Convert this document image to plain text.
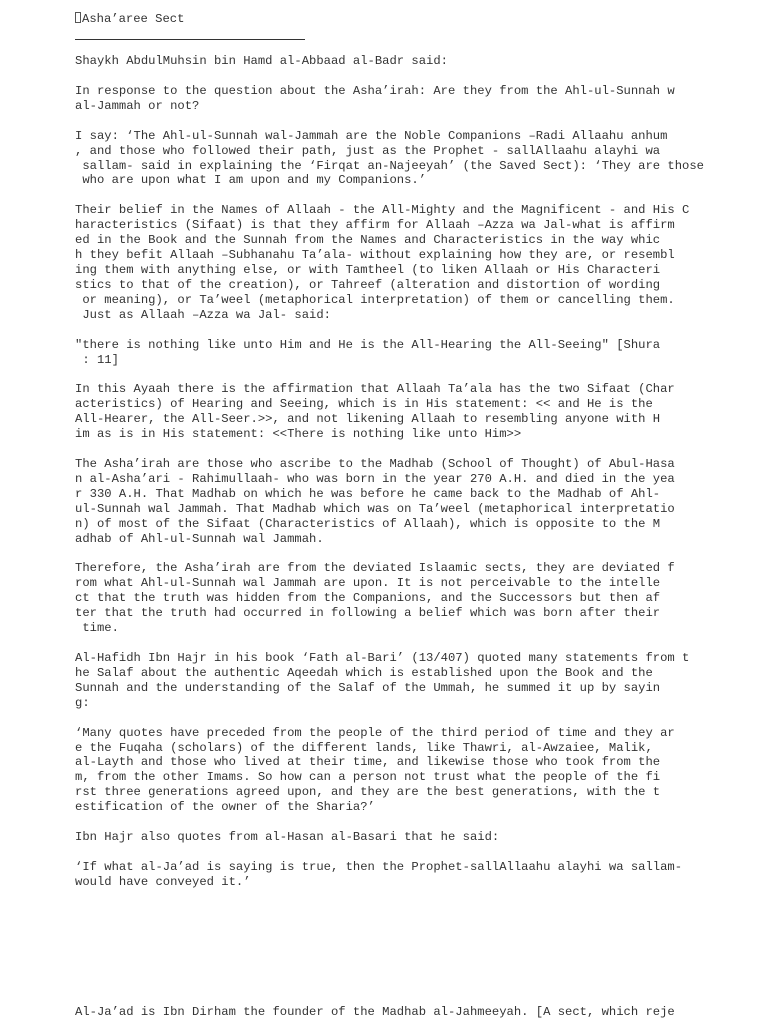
Asha’aree Sect
Shaykh AbdulMuhsin bin Hamd al-Abbaad al-Badr said:
In response to the question about the Asha’irah: Are they from the Ahl-ul-Sunnah w
al-Jammah or not?
I say: ‘The Ahl-ul-Sunnah wal-Jammah are the Noble Companions –Radi Allaahu anhum
, and those who followed their path, just as the Prophet - sallAllaahu alayhi wa
sallam- said in explaining the ‘Firqat an-Najeeyah’ (the Saved Sect): ‘They are those
who are upon what I am upon and my Companions.’
Their belief in the Names of Allaah - the All-Mighty and the Magnificent - and His C
haracteristics (Sifaat) is that they affirm for Allaah –Azza wa Jal-what is affirm
ed in the Book and the Sunnah from the Names and Characteristics in the way whic
h they befit Allaah –Subhanahu Ta’ala- without explaining how they are, or resembl
ing them with anything else, or with Tamtheel (to liken Allaah or His Characteri
stics to that of the creation), or Tahreef (alteration and distortion of wording
or meaning), or Ta’weel (metaphorical interpretation) of them or cancelling them.
Just as Allaah –Azza wa Jal- said:
"there is nothing like unto Him and He is the All-Hearing the All-Seeing" [Shura
: 11]
In this Ayaah there is the affirmation that Allaah Ta’ala has the two Sifaat (Char
acteristics) of Hearing and Seeing, which is in His statement: << and He is the
All-Hearer, the All-Seer.>>, and not likening Allaah to resembling anyone with H
im as is in His statement: <<There is nothing like unto Him>>
The Asha’irah are those who ascribe to the Madhab (School of Thought) of Abul-Hasa
n al-Asha’ari - Rahimullaah- who was born in the year 270 A.H. and died in the yea
r 330 A.H. That Madhab on which he was before he came back to the Madhab of Ahl-
ul-Sunnah wal Jammah. That Madhab which was on Ta’weel (metaphorical interpretatio
n) of most of the Sifaat (Characteristics of Allaah), which is opposite to the M
adhab of Ahl-ul-Sunnah wal Jammah.
Therefore, the Asha’irah are from the deviated Islaamic sects, they are deviated f
rom what Ahl-ul-Sunnah wal Jammah are upon. It is not perceivable to the intelle
ct that the truth was hidden from the Companions, and the Successors but then af
ter that the truth had occurred in following a belief which was born after their
time.
Al-Hafidh Ibn Hajr in his book ‘Fath al-Bari’ (13/407) quoted many statements from t
he Salaf about the authentic Aqeedah which is established upon the Book and the
Sunnah and the understanding of the Salaf of the Ummah, he summed it up by sayin
g:
‘Many quotes have preceded from the people of the third period of time and they ar
e the Fuqaha (scholars) of the different lands, like Thawri, al-Awzaiee, Malik,
al-Layth and those who lived at their time, and likewise those who took from the
m, from the other Imams. So how can a person not trust what the people of the fi
rst three generations agreed upon, and they are the best generations, with the t
estification of the owner of the Sharia?’
Ibn Hajr also quotes from al-Hasan al-Basari that he said:
‘If what al-Ja’ad is saying is true, then the Prophet-sallAllaahu alayhi wa sallam-
would have conveyed it.’
Al-Ja’ad is Ibn Dirham the founder of the Madhab al-Jahmeeyah. [A sect, which reje
